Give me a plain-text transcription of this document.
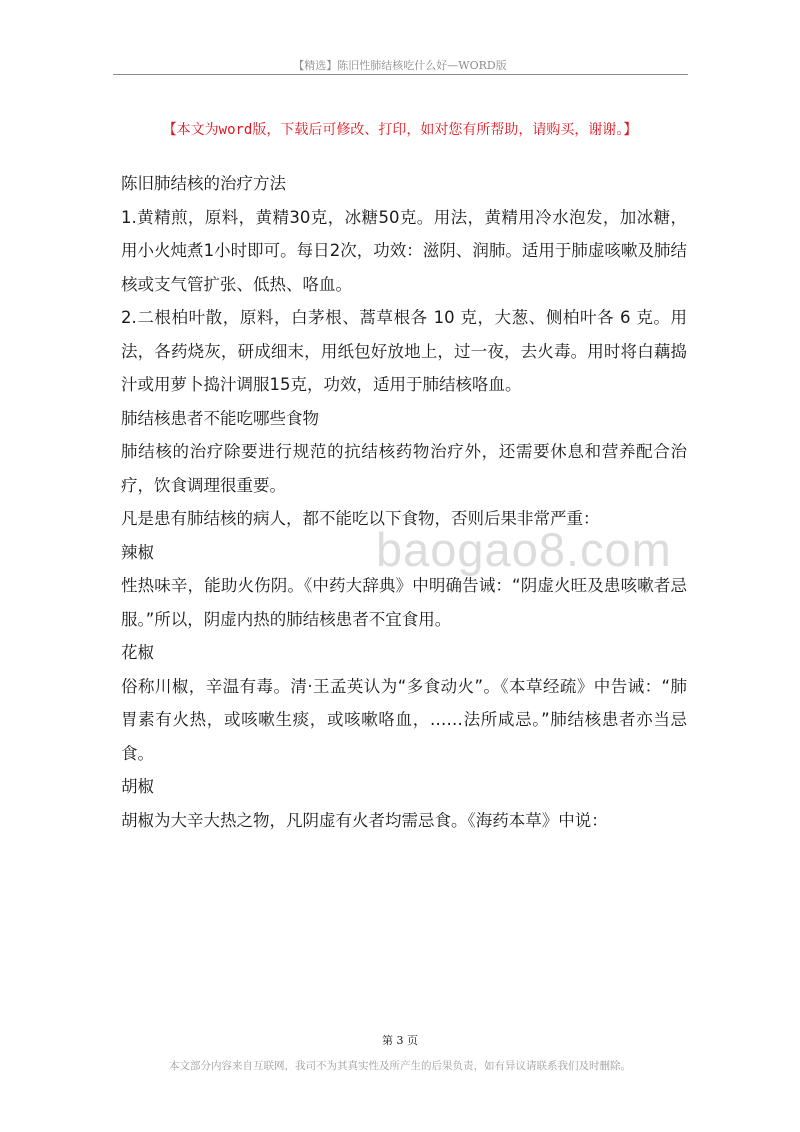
【精选】陈旧性肺结核吃什么好—WORD版
【本文为word版，下载后可修改、打印，如对您有所帮助，请购买，谢谢。】

陈旧肺结核的治疗方法

1.黄精煎，原料，黄精30克，冰糖50克。用法，黄精用冷水泡发，加冰糖，用小火炖煮1小时即可。每日2次，功效：滋阴、润肺。适用于肺虚咳嗽及肺结核或支气管扩张、低热、咯血。

2.二根柏叶散，原料，白茅根、蒿草根各 10 克，大葱、侧柏叶各 6 克。用法，各药烧灰，研成细末，用纸包好放地上，过一夜，去火毒。用时将白藕捣汁或用萝卜捣汁调服15克，功效，适用于肺结核咯血。

肺结核患者不能吃哪些食物

肺结核的治疗除要进行规范的抗结核药物治疗外，还需要休息和营养配合治疗，饮食调理很重要。

凡是患有肺结核的病人，都不能吃以下食物，否则后果非常严重：

辣椒

性热味辛，能助火伤阴。《中药大辞典》中明确告诫：“阴虚火旺及患咳嗽者忌服。”所以，阴虚内热的肺结核患者不宜食用。

花椒

俗称川椒，辛温有毒。清·王孟英认为“多食动火”。《本草经疏》中告诫：“肺胃素有火热，或咳嗽生痰，或咳嗽咯血，……法所咸忌。”肺结核患者亦当忌食。

胡椒

胡椒为大辛大热之物，凡阴虚有火者均需忌食。《海药本草》中说：

baogao8.com
第 3 页
本文部分内容来自互联网，我司不为其真实性及所产生的后果负责，如有异议请联系我们及时删除。
